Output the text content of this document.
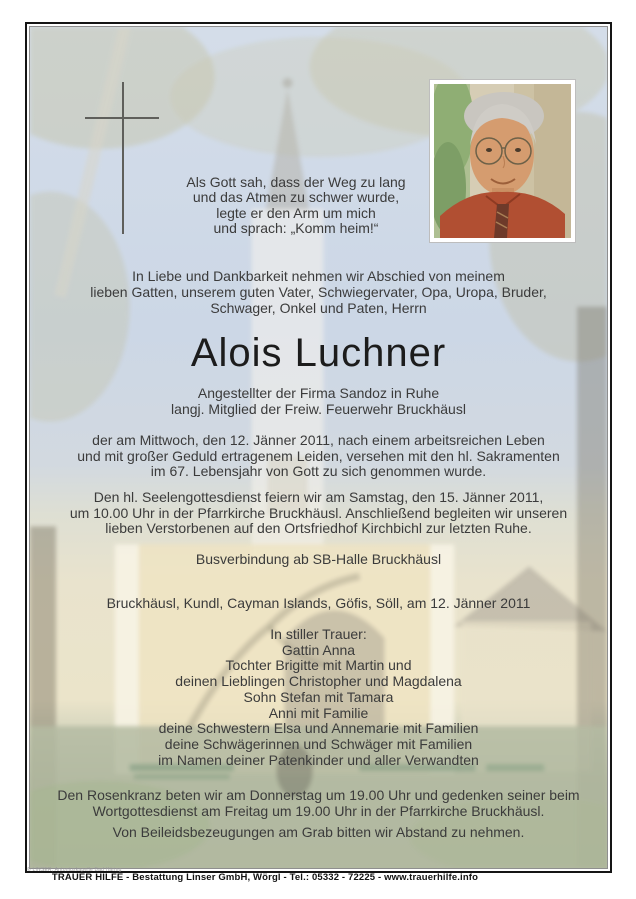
Als Gott sah, dass der Weg zu lang
und das Atmen zu schwer wurde,
legte er den Arm um mich
und sprach: „Komm heim!“
In Liebe und Dankbarkeit nehmen wir Abschied von meinem
lieben Gatten, unserem guten Vater, Schwiegervater, Opa, Uropa, Bruder,
Schwager, Onkel und Paten, Herrn
Alois Luchner
Angestellter der Firma Sandoz in Ruhe
langj. Mitglied der Freiw. Feuerwehr Bruckhäusl
der am Mittwoch, den 12. Jänner 2011, nach einem arbeitsreichen Leben
und mit großer Geduld ertragenem Leiden, versehen mit den hl. Sakramenten
im 67. Lebensjahr von Gott zu sich genommen wurde.
Den hl. Seelengottesdienst feiern wir am Samstag, den 15. Jänner 2011,
um 10.00 Uhr in der Pfarrkirche Bruckhäusl. Anschließend begleiten wir unseren
lieben Verstorbenen auf den Ortsfriedhof Kirchbichl zur letzten Ruhe.
Busverbindung ab SB-Halle Bruckhäusl
Bruckhäusl, Kundl, Cayman Islands, Göfis, Söll, am 12. Jänner 2011
In stiller Trauer:
Gattin Anna
Tochter Brigitte mit Martin und
deinen Lieblingen Christopher und Magdalena
Sohn Stefan mit Tamara
Anni mit Familie
deine Schwestern Elsa und Annemarie mit Familien
deine Schwägerinnen und Schwäger mit Familien
im Namen deiner Patenkinder und aller Verwandten
Den Rosenkranz beten wir am Donnerstag um 19.00 Uhr und gedenken seiner beim
Wortgottesdienst am Freitag um 19.00 Uhr in der Pfarrkirche Bruckhäusl.
Von Beileidsbezeugungen am Grab bitten wir Abstand zu nehmen.
© LINSER, Antoniuskapelle Bad Häring
TRAUER HILFE - Bestattung Linser GmbH, Wörgl - Tel.: 05332 - 72225 - www.trauerhilfe.info
